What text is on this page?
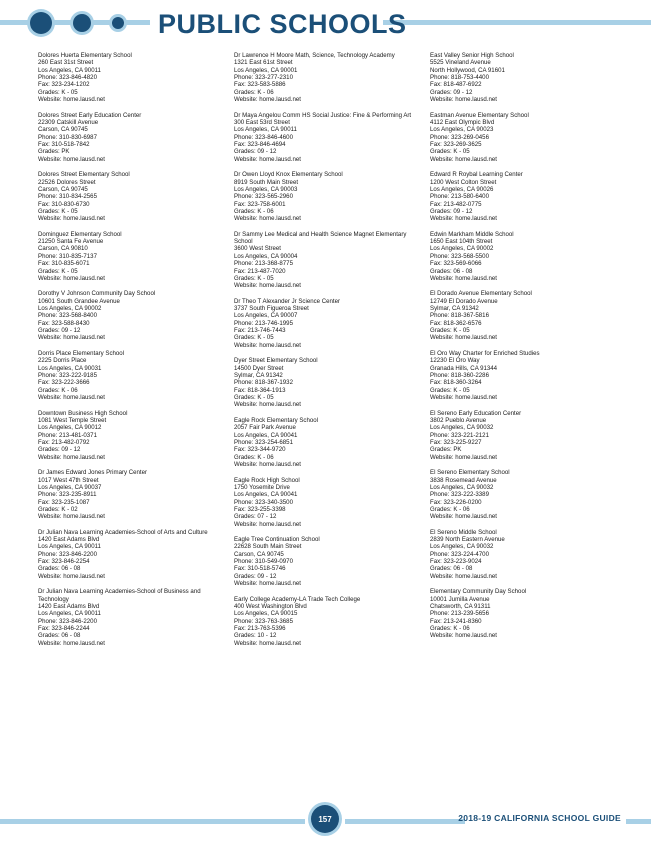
PUBLIC SCHOOLS
Dolores Huerta Elementary School
260 East 31st Street
Los Angeles, CA 90011
Phone: 323-846-4820
Fax: 323-234-1202
Grades: K - 05
Website: home.lausd.net
Dolores Street Early Education Center
22309 Catskill Avenue
Carson, CA 90745
Phone: 310-830-6987
Fax: 310-518-7842
Grades: PK
Website: home.lausd.net
Dolores Street Elementary School
22526 Dolores Street
Carson, CA 90745
Phone: 310-834-2565
Fax: 310-830-6730
Grades: K - 05
Website: home.lausd.net
Dominguez Elementary School
21250 Santa Fe Avenue
Carson, CA 90810
Phone: 310-835-7137
Fax: 310-835-6071
Grades: K - 05
Website: home.lausd.net
Dorothy V Johnson Community Day School
10601 South Grandee Avenue
Los Angeles, CA 90002
Phone: 323-568-8400
Fax: 323-588-8430
Grades: 09 - 12
Website: home.lausd.net
Dorris Place Elementary School
2225 Dorris Place
Los Angeles, CA 90031
Phone: 323-222-9185
Fax: 323-222-3666
Grades: K - 06
Website: home.lausd.net
Downtown Business High School
1081 West Temple Street
Los Angeles, CA 90012
Phone: 213-481-0371
Fax: 213-482-0792
Grades: 09 - 12
Website: home.lausd.net
Dr James Edward Jones Primary Center
1017 West 47th Street
Los Angeles, CA 90037
Phone: 323-235-8911
Fax: 323-235-1087
Grades: K - 02
Website: home.lausd.net
Dr Julian Nava Learning Academies-School of Arts and Culture
1420 East Adams Blvd
Los Angeles, CA 90011
Phone: 323-846-2200
Fax: 323-846-2254
Grades: 06 - 08
Website: home.lausd.net
Dr Julian Nava Learning Academies-School of Business and Technology
1420 East Adams Blvd
Los Angeles, CA 90011
Phone: 323-846-2200
Fax: 323-846-2244
Grades: 06 - 08
Website: home.lausd.net
Dr Lawrence H Moore Math, Science, Technology Academy
1321 East 61st Street
Los Angeles, CA 90001
Phone: 323-277-2310
Fax: 323-583-5886
Grades: K - 06
Website: home.lausd.net
Dr Maya Angelou Comm HS Social Justice: Fine & Performing Art
300 East 53rd Street
Los Angeles, CA 90011
Phone: 323-846-4600
Fax: 323-846-4694
Grades: 09 - 12
Website: home.lausd.net
Dr Owen Lloyd Knox Elementary School
8919 South Main Street
Los Angeles, CA 90003
Phone: 323-565-2960
Fax: 323-758-6001
Grades: K - 06
Website: home.lausd.net
Dr Sammy Lee Medical and Health Science Magnet Elementary School
3600 West Street
Los Angeles, CA 90004
Phone: 213-368-8775
Fax: 213-487-7020
Grades: K - 05
Website: home.lausd.net
Dr Theo T Alexander Jr Science Center
3737 South Figueroa Street
Los Angeles, CA 90007
Phone: 213-746-1995
Fax: 213-746-7443
Grades: K - 05
Website: home.lausd.net
Dyer Street Elementary School
14500 Dyer Street
Sylmar, CA 91342
Phone: 818-367-1932
Fax: 818-364-1913
Grades: K - 05
Website: home.lausd.net
Eagle Rock Elementary School
2057 Fair Park Avenue
Los Angeles, CA 90041
Phone: 323-254-6851
Fax: 323-344-9720
Grades: K - 06
Website: home.lausd.net
Eagle Rock High School
1750 Yosemite Drive
Los Angeles, CA 90041
Phone: 323-340-3500
Fax: 323-255-3398
Grades: 07 - 12
Website: home.lausd.net
Eagle Tree Continuation School
22628 South Main Street
Carson, CA 90745
Phone: 310-549-0970
Fax: 310-518-5746
Grades: 09 - 12
Website: home.lausd.net
Early College Academy-LA Trade Tech College
400 West Washington Blvd
Los Angeles, CA 90015
Phone: 323-763-3685
Fax: 213-763-5396
Grades: 10 - 12
Website: home.lausd.net
East Valley Senior High School
5525 Vineland Avenue
North Hollywood, CA 91601
Phone: 818-753-4400
Fax: 818-487-6922
Grades: 09 - 12
Website: home.lausd.net
Eastman Avenue Elementary School
4112 East Olympic Blvd
Los Angeles, CA 90023
Phone: 323-269-0456
Fax: 323-269-3625
Grades: K - 05
Website: home.lausd.net
Edward R Roybal Learning Center
1200 West Colton Street
Los Angeles, CA 90026
Phone: 213-580-6400
Fax: 213-482-0775
Grades: 09 - 12
Website: home.lausd.net
Edwin Markham Middle School
1650 East 104th Street
Los Angeles, CA 90002
Phone: 323-568-5500
Fax: 323-569-6066
Grades: 06 - 08
Website: home.lausd.net
El Dorado Avenue Elementary School
12749 El Dorado Avenue
Sylmar, CA 91342
Phone: 818-367-5816
Fax: 818-362-6576
Grades: K - 05
Website: home.lausd.net
El Oro Way Charter for Enriched Studies
12230 El Oro Way
Granada Hills, CA 91344
Phone: 818-360-2286
Fax: 818-360-3264
Grades: K - 05
Website: home.lausd.net
El Sereno Early Education Center
3802 Pueblo Avenue
Los Angeles, CA 90032
Phone: 323-221-2121
Fax: 323-225-9227
Grades: PK
Website: home.lausd.net
El Sereno Elementary School
3838 Rosemead Avenue
Los Angeles, CA 90032
Phone: 323-222-3389
Fax: 323-226-0200
Grades: K - 06
Website: home.lausd.net
El Sereno Middle School
2839 North Eastern Avenue
Los Angeles, CA 90032
Phone: 323-224-4700
Fax: 323-223-9024
Grades: 06 - 08
Website: home.lausd.net
Elementary Community Day School
10001 Jumilla Avenue
Chatsworth, CA 91311
Phone: 213-239-5656
Fax: 213-241-8360
Grades: K - 06
Website: home.lausd.net
157	2018-19 CALIFORNIA SCHOOL GUIDE
